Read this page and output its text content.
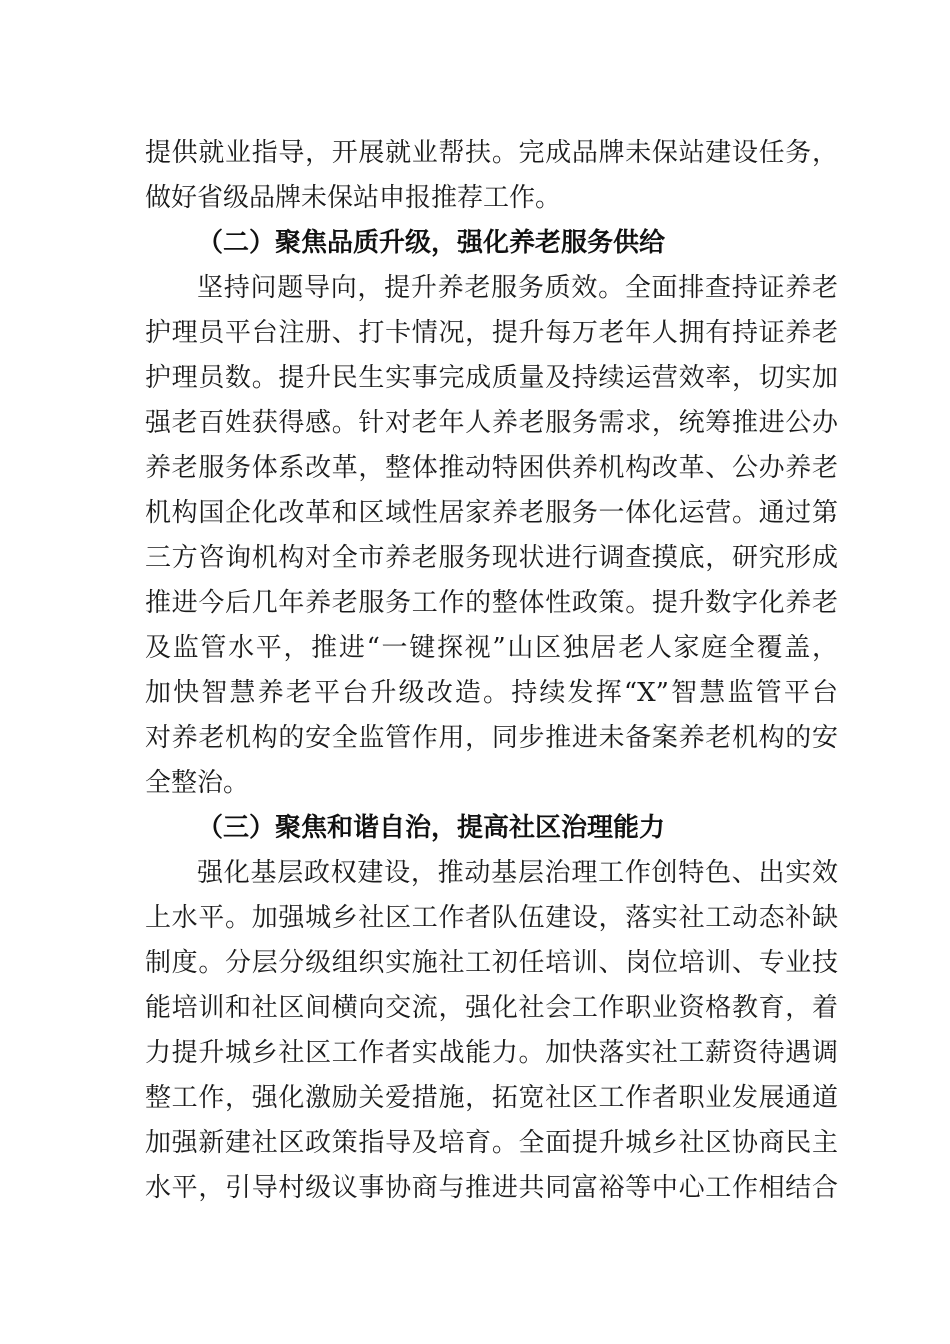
提供就业指导，开展就业帮扶。完成品牌未保站建设任务，
做好省级品牌未保站申报推荐工作。
（二）聚焦品质升级，强化养老服务供给
坚持问题导向，提升养老服务质效。全面排查持证养老
护理员平台注册、打卡情况，提升每万老年人拥有持证养老
护理员数。提升民生实事完成质量及持续运营效率，切实加
强老百姓获得感。针对老年人养老服务需求，统筹推进公办
养老服务体系改革，整体推动特困供养机构改革、公办养老
机构国企化改革和区域性居家养老服务一体化运营。通过第
三方咨询机构对全市养老服务现状进行调查摸底，研究形成
推进今后几年养老服务工作的整体性政策。提升数字化养老
及监管水平，推进“一键探视”山区独居老人家庭全覆盖，
加快智慧养老平台升级改造。持续发挥“X”智慧监管平台
对养老机构的安全监管作用，同步推进未备案养老机构的安
全整治。
（三）聚焦和谐自治，提高社区治理能力
强化基层政权建设，推动基层治理工作创特色、出实效
上水平。加强城乡社区工作者队伍建设，落实社工动态补缺
制度。分层分级组织实施社工初任培训、岗位培训、专业技
能培训和社区间横向交流，强化社会工作职业资格教育，着
力提升城乡社区工作者实战能力。加快落实社工薪资待遇调
整工作，强化激励关爱措施，拓宽社区工作者职业发展通道
加强新建社区政策指导及培育。全面提升城乡社区协商民主
水平，引导村级议事协商与推进共同富裕等中心工作相结合
